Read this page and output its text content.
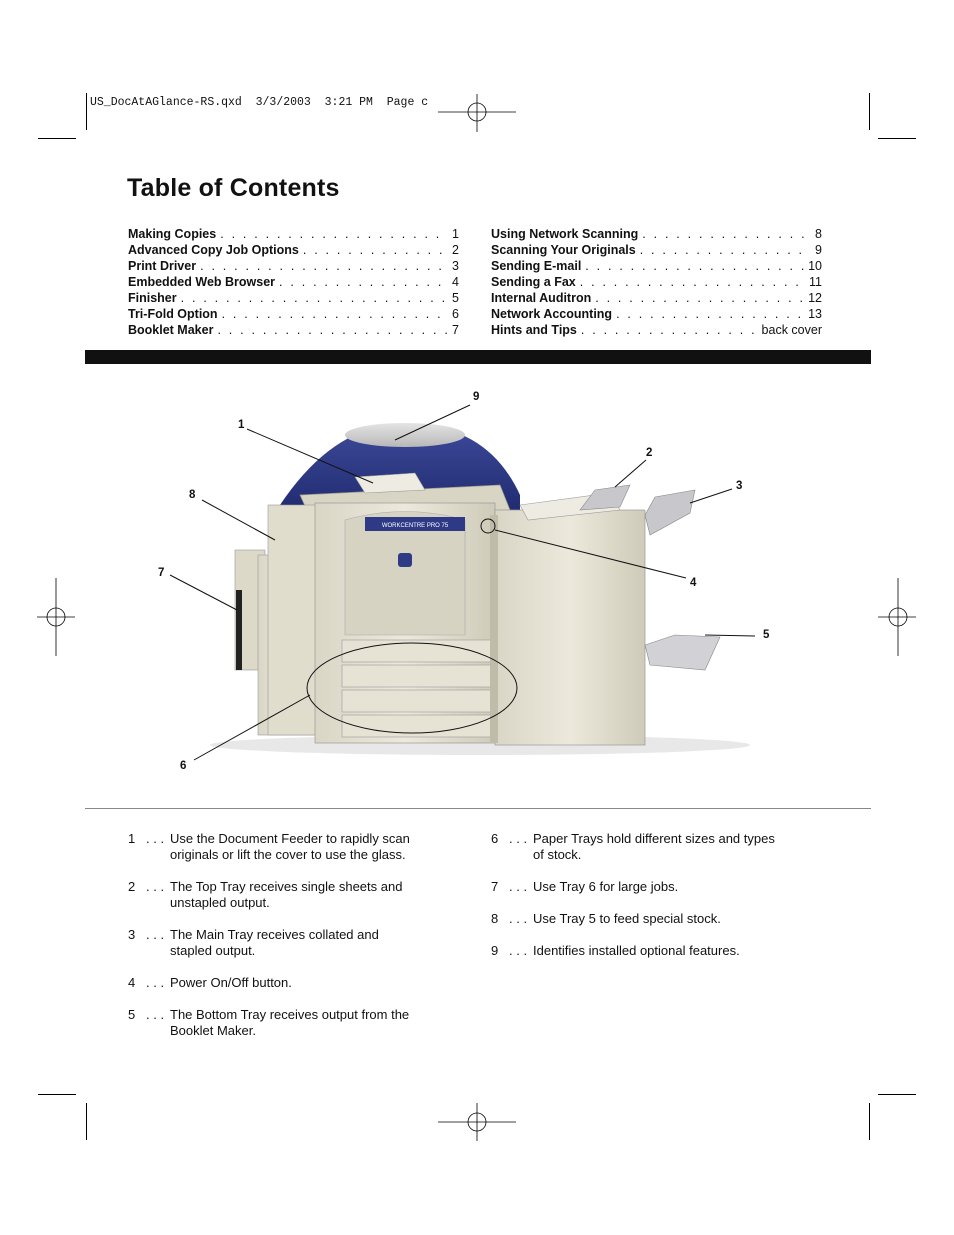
US_DocAtAGlance-RS.qxd  3/3/2003  3:21 PM  Page c
Table of Contents
Making Copies . . .	1
Advanced Copy Job Options . . .	2
Print Driver . . .	3
Embedded Web Browser . . .	4
Finisher . . .	5
Tri-Fold Option . . .	6
Booklet Maker . . .	7
Using Network Scanning . . .	8
Scanning Your Originals . . .	9
Sending E-mail . . .	10
Sending a Fax . . .	11
Internal Auditron . . .	12
Network Accounting . . .	13
Hints and Tips . . .	back cover
WORKCENTRE PRO 75
1
2
3
4
5
6
7
8
9
1 . . . Use the Document Feeder to rapidly scan
originals or lift the cover to use the glass.
2 . . . The Top Tray receives single sheets and
unstapled output.
3 . . . The Main Tray receives collated and
stapled output.
4 . . . Power On/Off button.
5 . . . The Bottom Tray receives output from the
Booklet Maker.
6 . . . Paper Trays hold different sizes and types
of stock.
7 . . . Use Tray 6 for large jobs.
8 . . . Use Tray 5 to feed special stock.
9 . . . Identifies installed optional features.
